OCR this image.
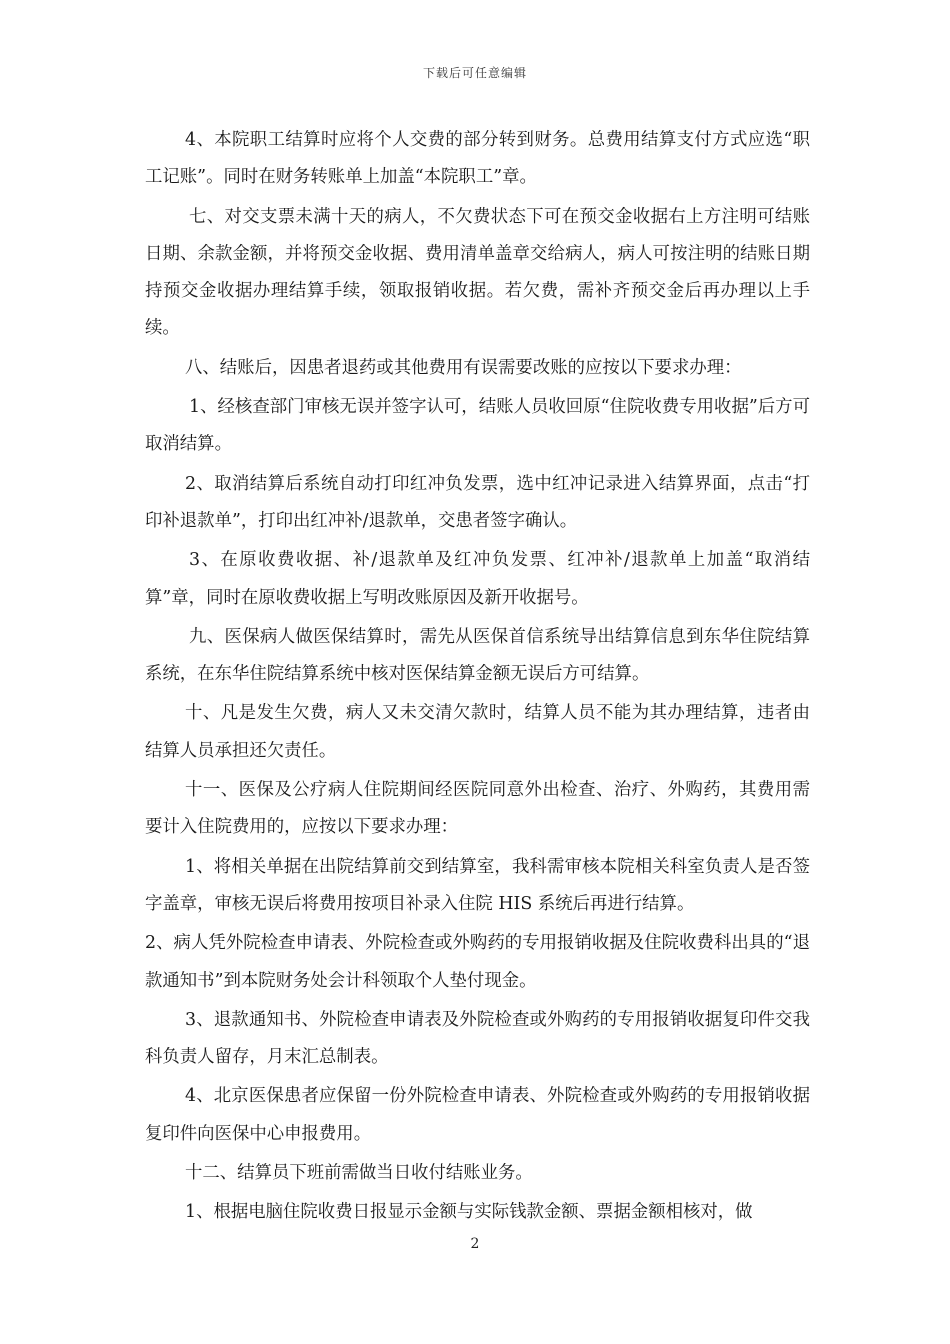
下载后可任意编辑

4、本院职工结算时应将个人交费的部分转到财务。总费用结算支付方式应选“职工记账”。同时在财务转账单上加盖“本院职工”章。

七、对交支票未满十天的病人，不欠费状态下可在预交金收据右上方注明可结账日期、余款金额，并将预交金收据、费用清单盖章交给病人，病人可按注明的结账日期持预交金收据办理结算手续，领取报销收据。若欠费，需补齐预交金后再办理以上手续。

八、结账后，因患者退药或其他费用有误需要改账的应按以下要求办理：

1、经核查部门审核无误并签字认可，结账人员收回原“住院收费专用收据”后方可取消结算。

2、取消结算后系统自动打印红冲负发票，选中红冲记录进入结算界面，点击“打印补退款单”，打印出红冲补/退款单，交患者签字确认。

3、在原收费收据、补/退款单及红冲负发票、红冲补/退款单上加盖“取消结算”章，同时在原收费收据上写明改账原因及新开收据号。

九、医保病人做医保结算时，需先从医保首信系统导出结算信息到东华住院结算系统，在东华住院结算系统中核对医保结算金额无误后方可结算。

十、凡是发生欠费，病人又未交清欠款时，结算人员不能为其办理结算，违者由结算人员承担还欠责任。

十一、医保及公疗病人住院期间经医院同意外出检查、治疗、外购药，其费用需要计入住院费用的，应按以下要求办理：

1、将相关单据在出院结算前交到结算室，我科需审核本院相关科室负责人是否签字盖章，审核无误后将费用按项目补录入住院 HIS 系统后再进行结算。

2、病人凭外院检查申请表、外院检查或外购药的专用报销收据及住院收费科出具的“退款通知书”到本院财务处会计科领取个人垫付现金。

3、退款通知书、外院检查申请表及外院检查或外购药的专用报销收据复印件交我科负责人留存，月末汇总制表。

4、北京医保患者应保留一份外院检查申请表、外院检查或外购药的专用报销收据复印件向医保中心申报费用。

十二、结算员下班前需做当日收付结账业务。

1、根据电脑住院收费日报显示金额与实际钱款金额、票据金额相核对，做

2
